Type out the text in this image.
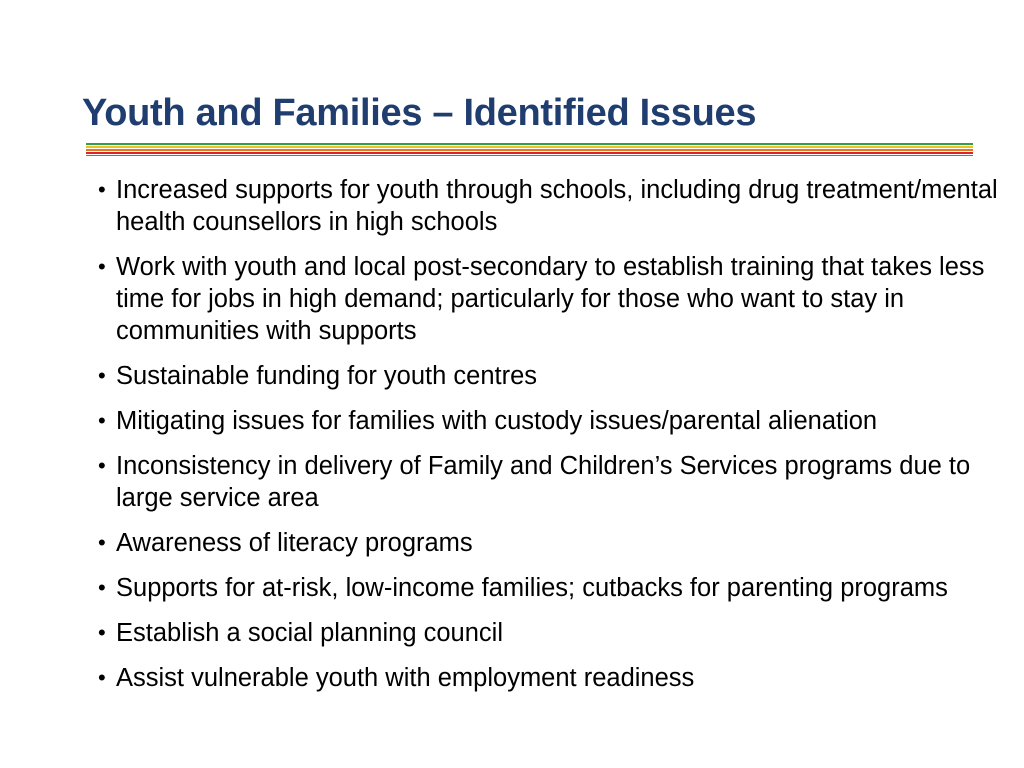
Youth and Families – Identified Issues
• Increased supports for youth through schools, including drug treatment/mental health counsellors in high schools
• Work with youth and local post-secondary to establish training that takes less time for jobs in high demand; particularly for those who want to stay in communities with supports
• Sustainable funding for youth centres
• Mitigating issues for families with custody issues/parental alienation
• Inconsistency in delivery of Family and Children’s Services programs due to large service area
• Awareness of literacy programs
• Supports for at-risk, low-income families; cutbacks for parenting programs
• Establish a social planning council
• Assist vulnerable youth with employment readiness
